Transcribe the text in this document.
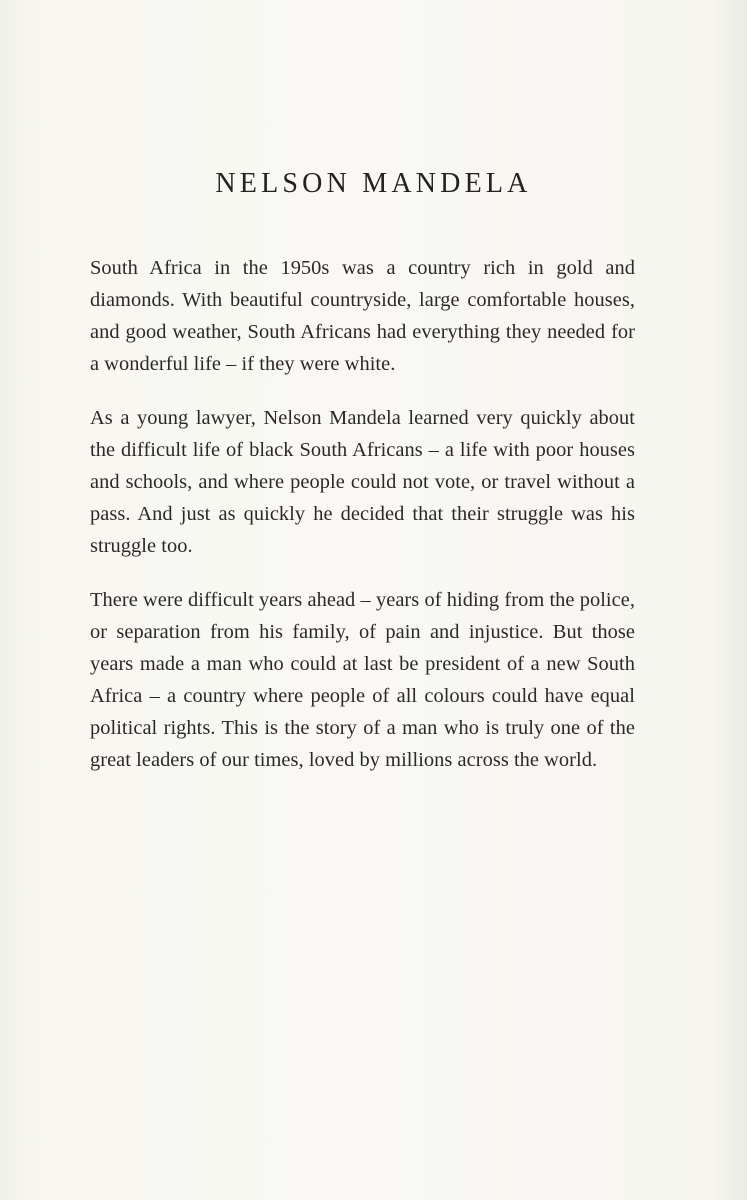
NELSON MANDELA

South Africa in the 1950s was a country rich in gold and diamonds. With beautiful countryside, large comfortable houses, and good weather, South Africans had everything they needed for a wonderful life – if they were white.

As a young lawyer, Nelson Mandela learned very quickly about the difficult life of black South Africans – a life with poor houses and schools, and where people could not vote, or travel without a pass. And just as quickly he decided that their struggle was his struggle too.

There were difficult years ahead – years of hiding from the police, or separation from his family, of pain and injustice. But those years made a man who could at last be president of a new South Africa – a country where people of all colours could have equal political rights. This is the story of a man who is truly one of the great leaders of our times, loved by millions across the world.
